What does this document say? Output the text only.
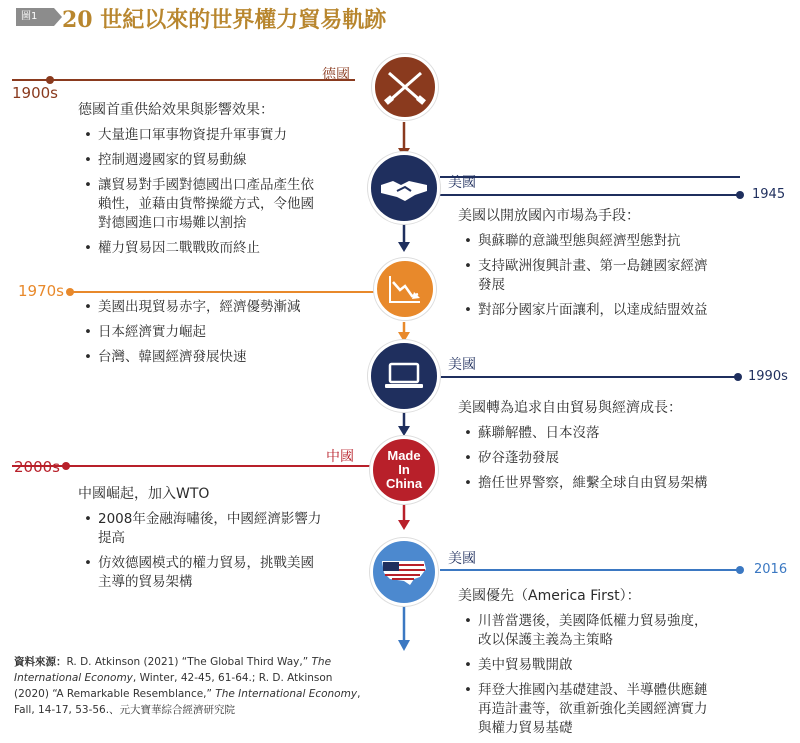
圖1	20 世紀以來的世界權力貿易軌跡
1900s
1945
1970s
1990s
2000s
2016
德國
美國
美國
中國
美國
Made
In
China
德國首重供給效果與影響效果：
• 大量進口軍事物資提升軍事實力
• 控制週邊國家的貿易動線
• 讓貿易對手國對德國出口產品產生依
賴性，並藉由貨幣操縱方式，令他國
對德國進口市場難以割捨
• 權力貿易因二戰戰敗而終止
美國以開放國內市場為手段：
• 與蘇聯的意識型態與經濟型態對抗
• 支持歐洲復興計畫、第一島鏈國家經濟
發展
• 對部分國家片面讓利，以達成結盟效益
• 美國出現貿易赤字，經濟優勢漸減
• 日本經濟實力崛起
• 台灣、韓國經濟發展快速
美國轉為追求自由貿易與經濟成長：
• 蘇聯解體、日本沒落
• 矽谷蓬勃發展
• 擔任世界警察，維繫全球自由貿易架構
中國崛起，加入WTO
• 2008年金融海嘯後，中國經濟影響力
提高
• 仿效德國模式的權力貿易，挑戰美國
主導的貿易架構
美國優先（America First）：
• 川普當選後，美國降低權力貿易強度，
改以保護主義為主策略
• 美中貿易戰開啟
• 拜登大推國內基礎建設、半導體供應鏈
再造計畫等，欲重新強化美國經濟實力
與權力貿易基礎
資料來源：R. D. Atkinson (2021) “The Global Third Way,” The International Economy, Winter, 42-45, 61-64.; R. D. Atkinson (2020) “A Remarkable Resemblance,” The International Economy, Fall, 14-17, 53-56.、元大寶華綜合經濟研究院
